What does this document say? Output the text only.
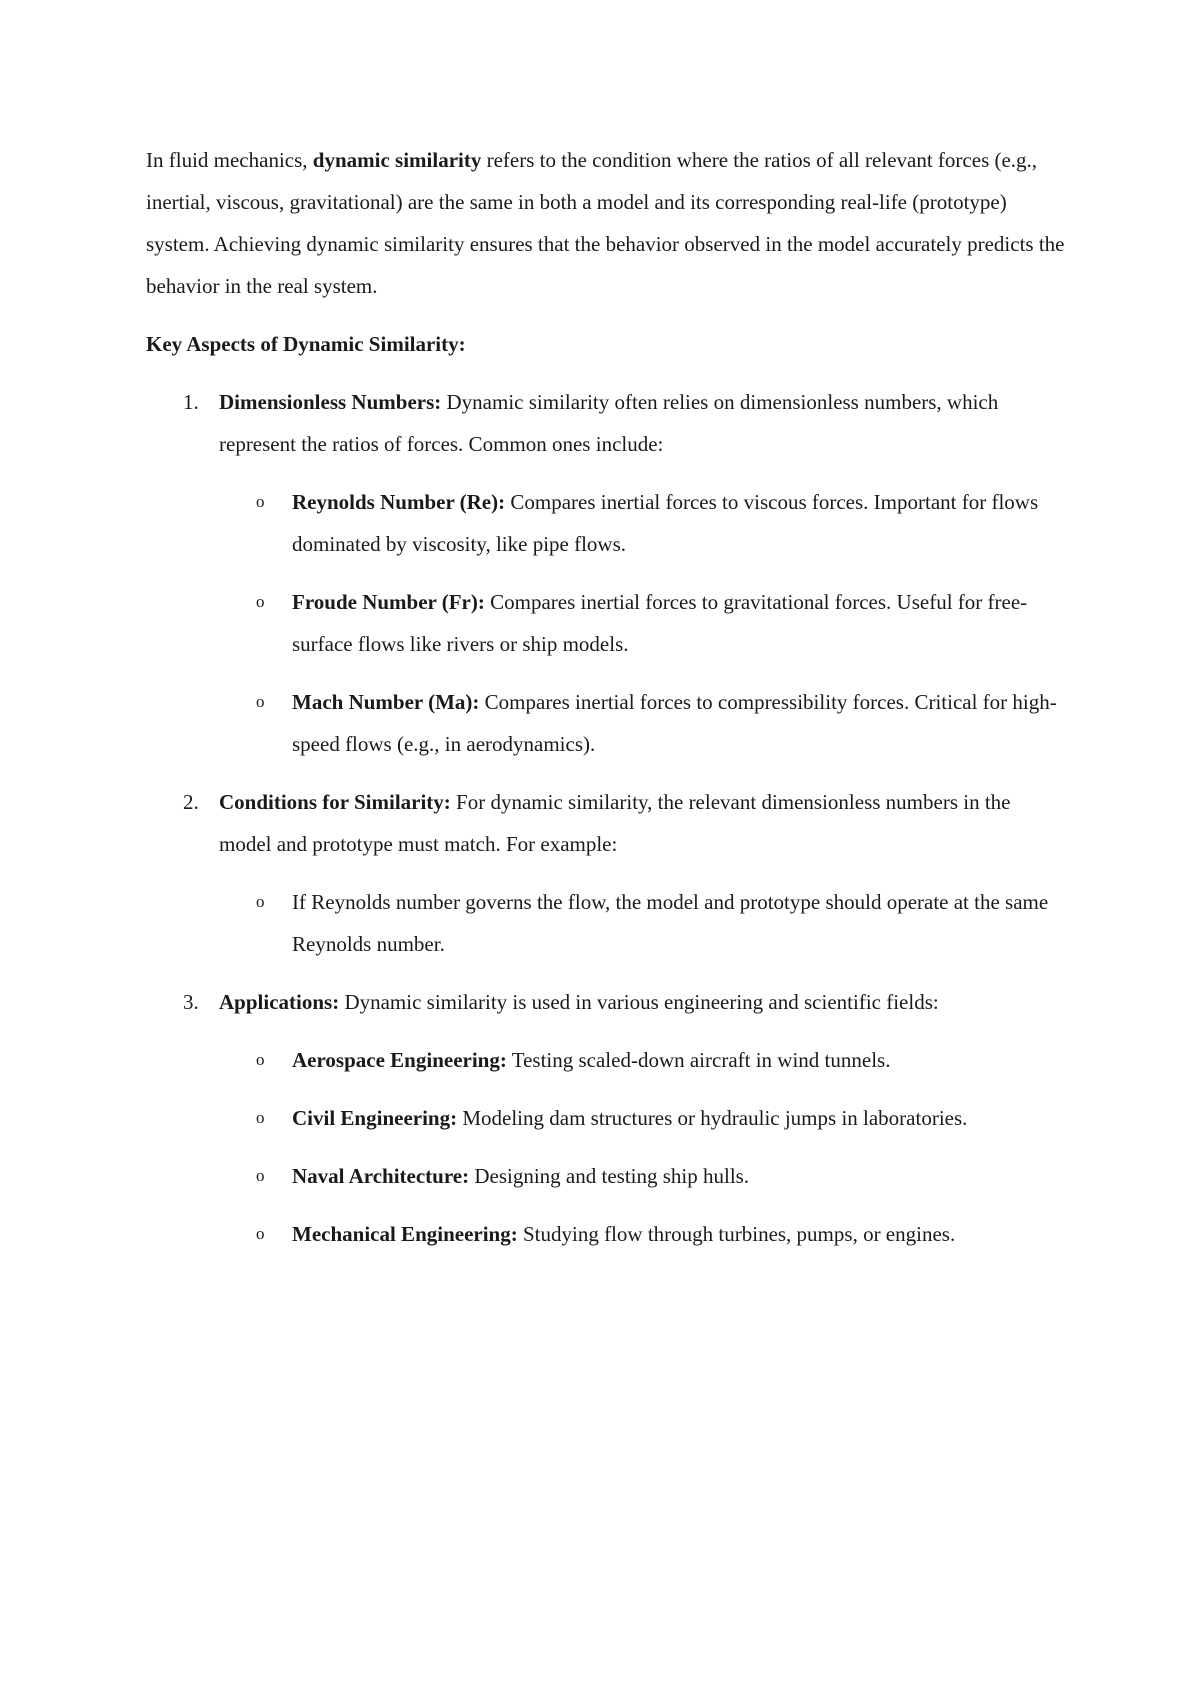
In fluid mechanics, dynamic similarity refers to the condition where the ratios of all relevant forces (e.g., inertial, viscous, gravitational) are the same in both a model and its corresponding real-life (prototype) system. Achieving dynamic similarity ensures that the behavior observed in the model accurately predicts the behavior in the real system.

Key Aspects of Dynamic Similarity:

1. Dimensionless Numbers: Dynamic similarity often relies on dimensionless numbers, which represent the ratios of forces. Common ones include:
o Reynolds Number (Re): Compares inertial forces to viscous forces. Important for flows dominated by viscosity, like pipe flows.
o Froude Number (Fr): Compares inertial forces to gravitational forces. Useful for free-surface flows like rivers or ship models.
o Mach Number (Ma): Compares inertial forces to compressibility forces. Critical for high-speed flows (e.g., in aerodynamics).
2. Conditions for Similarity: For dynamic similarity, the relevant dimensionless numbers in the model and prototype must match. For example:
o If Reynolds number governs the flow, the model and prototype should operate at the same Reynolds number.
3. Applications: Dynamic similarity is used in various engineering and scientific fields:
o Aerospace Engineering: Testing scaled-down aircraft in wind tunnels.
o Civil Engineering: Modeling dam structures or hydraulic jumps in laboratories.
o Naval Architecture: Designing and testing ship hulls.
o Mechanical Engineering: Studying flow through turbines, pumps, or engines.
